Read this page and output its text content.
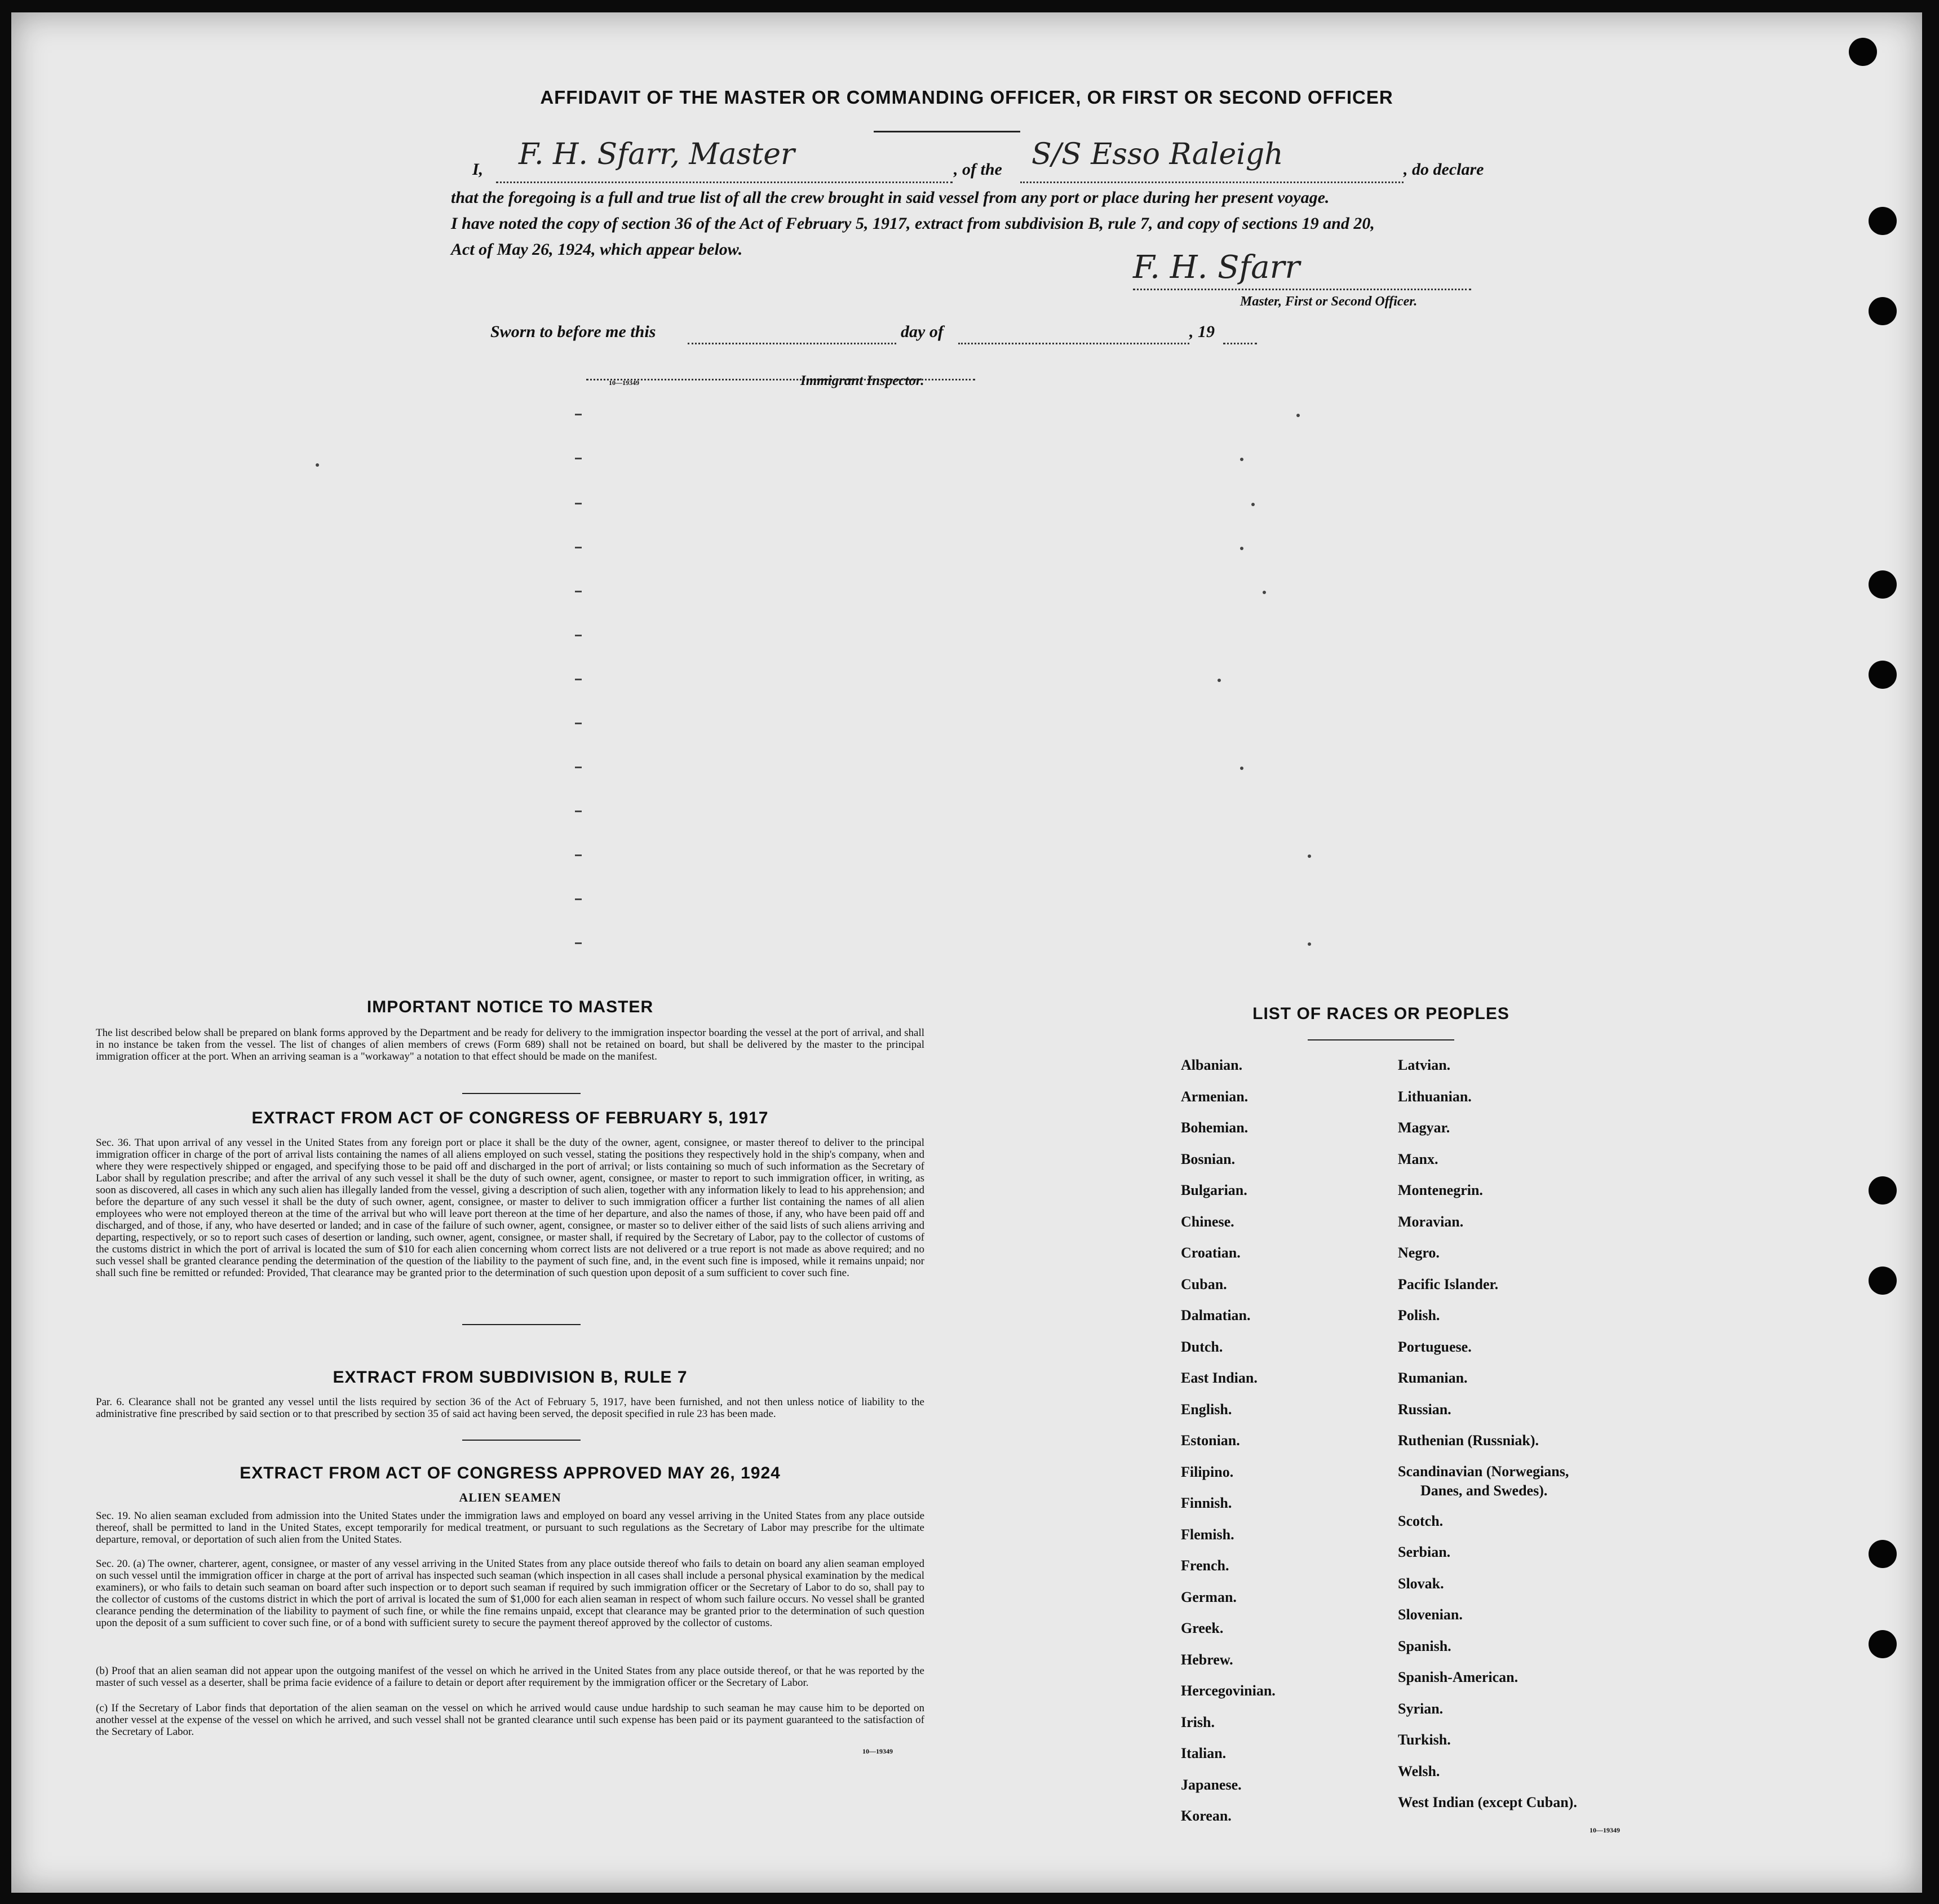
AFFIDAVIT OF THE MASTER OR COMMANDING OFFICER, OR FIRST OR SECOND OFFICER
I, F. H. Sfarr, Master	, of the S/S Esso Raleigh	, do declare
that the foregoing is a full and true list of all the crew brought in said vessel from any port or place during her present voyage.
I have noted the copy of section 36 of the Act of February 5, 1917, extract from subdivision B, rule 7, and copy of sections 19 and 20,
Act of May 26, 1924, which appear below.	F. H. Sfarr
Master, First or Second Officer.
Sworn to before me this	day of	, 19
10—19349	Immigrant Inspector.
IMPORTANT NOTICE TO MASTER
The list described below shall be prepared on blank forms approved by the Department and be ready for delivery to the immigration inspector boarding the vessel at the port of arrival, and shall in no instance be taken from the vessel. The list of changes of alien members of crews (Form 689) shall not be retained on board, but shall be delivered by the master to the principal immigration officer at the port. When an arriving seaman is a "workaway" a notation to that effect should be made on the manifest.
EXTRACT FROM ACT OF CONGRESS OF FEBRUARY 5, 1917
Sec. 36. That upon arrival of any vessel in the United States from any foreign port or place it shall be the duty of the owner, agent, consignee, or master thereof to deliver to the principal immigration officer in charge of the port of arrival lists containing the names of all aliens employed on such vessel, stating the positions they respectively hold in the ship's company, when and where they were respectively shipped or engaged, and specifying those to be paid off and discharged in the port of arrival; or lists containing so much of such information as the Secretary of Labor shall by regulation prescribe; and after the arrival of any such vessel it shall be the duty of such owner, agent, consignee, or master to report to such immigration officer, in writing, as soon as discovered, all cases in which any such alien has illegally landed from the vessel, giving a description of such alien, together with any information likely to lead to his apprehension; and before the departure of any such vessel it shall be the duty of such owner, agent, consignee, or master to deliver to such immigration officer a further list containing the names of all alien employees who were not employed thereon at the time of the arrival but who will leave port thereon at the time of her departure, and also the names of those, if any, who have been paid off and discharged, and of those, if any, who have deserted or landed; and in case of the failure of such owner, agent, consignee, or master so to deliver either of the said lists of such aliens arriving and departing, respectively, or so to report such cases of desertion or landing, such owner, agent, consignee, or master shall, if required by the Secretary of Labor, pay to the collector of customs of the customs district in which the port of arrival is located the sum of $10 for each alien concerning whom correct lists are not delivered or a true report is not made as above required; and no such vessel shall be granted clearance pending the determination of the question of the liability to the payment of such fine, and, in the event such fine is imposed, while it remains unpaid; nor shall such fine be remitted or refunded: Provided, That clearance may be granted prior to the determination of such question upon deposit of a sum sufficient to cover such fine.
EXTRACT FROM SUBDIVISION B, RULE 7
Par. 6. Clearance shall not be granted any vessel until the lists required by section 36 of the Act of February 5, 1917, have been furnished, and not then unless notice of liability to the administrative fine prescribed by said section or to that prescribed by section 35 of said act having been served, the deposit specified in rule 23 has been made.
EXTRACT FROM ACT OF CONGRESS APPROVED MAY 26, 1924
ALIEN SEAMEN
Sec. 19. No alien seaman excluded from admission into the United States under the immigration laws and employed on board any vessel arriving in the United States from any place outside thereof, shall be permitted to land in the United States, except temporarily for medical treatment, or pursuant to such regulations as the Secretary of Labor may prescribe for the ultimate departure, removal, or deportation of such alien from the United States.
Sec. 20. (a) The owner, charterer, agent, consignee, or master of any vessel arriving in the United States from any place outside thereof who fails to detain on board any alien seaman employed on such vessel until the immigration officer in charge at the port of arrival has inspected such seaman (which inspection in all cases shall include a personal physical examination by the medical examiners), or who fails to detain such seaman on board after such inspection or to deport such seaman if required by such immigration officer or the Secretary of Labor to do so, shall pay to the collector of customs of the customs district in which the port of arrival is located the sum of $1,000 for each alien seaman in respect of whom such failure occurs. No vessel shall be granted clearance pending the determination of the liability to payment of such fine, or while the fine remains unpaid, except that clearance may be granted prior to the determination of such question upon the deposit of a sum sufficient to cover such fine, or of a bond with sufficient surety to secure the payment thereof approved by the collector of customs.
(b) Proof that an alien seaman did not appear upon the outgoing manifest of the vessel on which he arrived in the United States from any place outside thereof, or that he was reported by the master of such vessel as a deserter, shall be prima facie evidence of a failure to detain or deport after requirement by the immigration officer or the Secretary of Labor.
(c) If the Secretary of Labor finds that deportation of the alien seaman on the vessel on which he arrived would cause undue hardship to such seaman he may cause him to be deported on another vessel at the expense of the vessel on which he arrived, and such vessel shall not be granted clearance until such expense has been paid or its payment guaranteed to the satisfaction of the Secretary of Labor.
10—19349
LIST OF RACES OR PEOPLES
Albanian.
Armenian.
Bohemian.
Bosnian.
Bulgarian.
Chinese.
Croatian.
Cuban.
Dalmatian.
Dutch.
East Indian.
English.
Estonian.
Filipino.
Finnish.
Flemish.
French.
German.
Greek.
Hebrew.
Hercegovinian.
Irish.
Italian.
Japanese.
Korean.
Latvian.
Lithuanian.
Magyar.
Manx.
Montenegrin.
Moravian.
Negro.
Pacific Islander.
Polish.
Portuguese.
Rumanian.
Russian.
Ruthenian (Russniak).
Scandinavian (Norwegians,
Danes, and Swedes).
Scotch.
Serbian.
Slovak.
Slovenian.
Spanish.
Spanish-American.
Syrian.
Turkish.
Welsh.
West Indian (except Cuban).
10—19349
